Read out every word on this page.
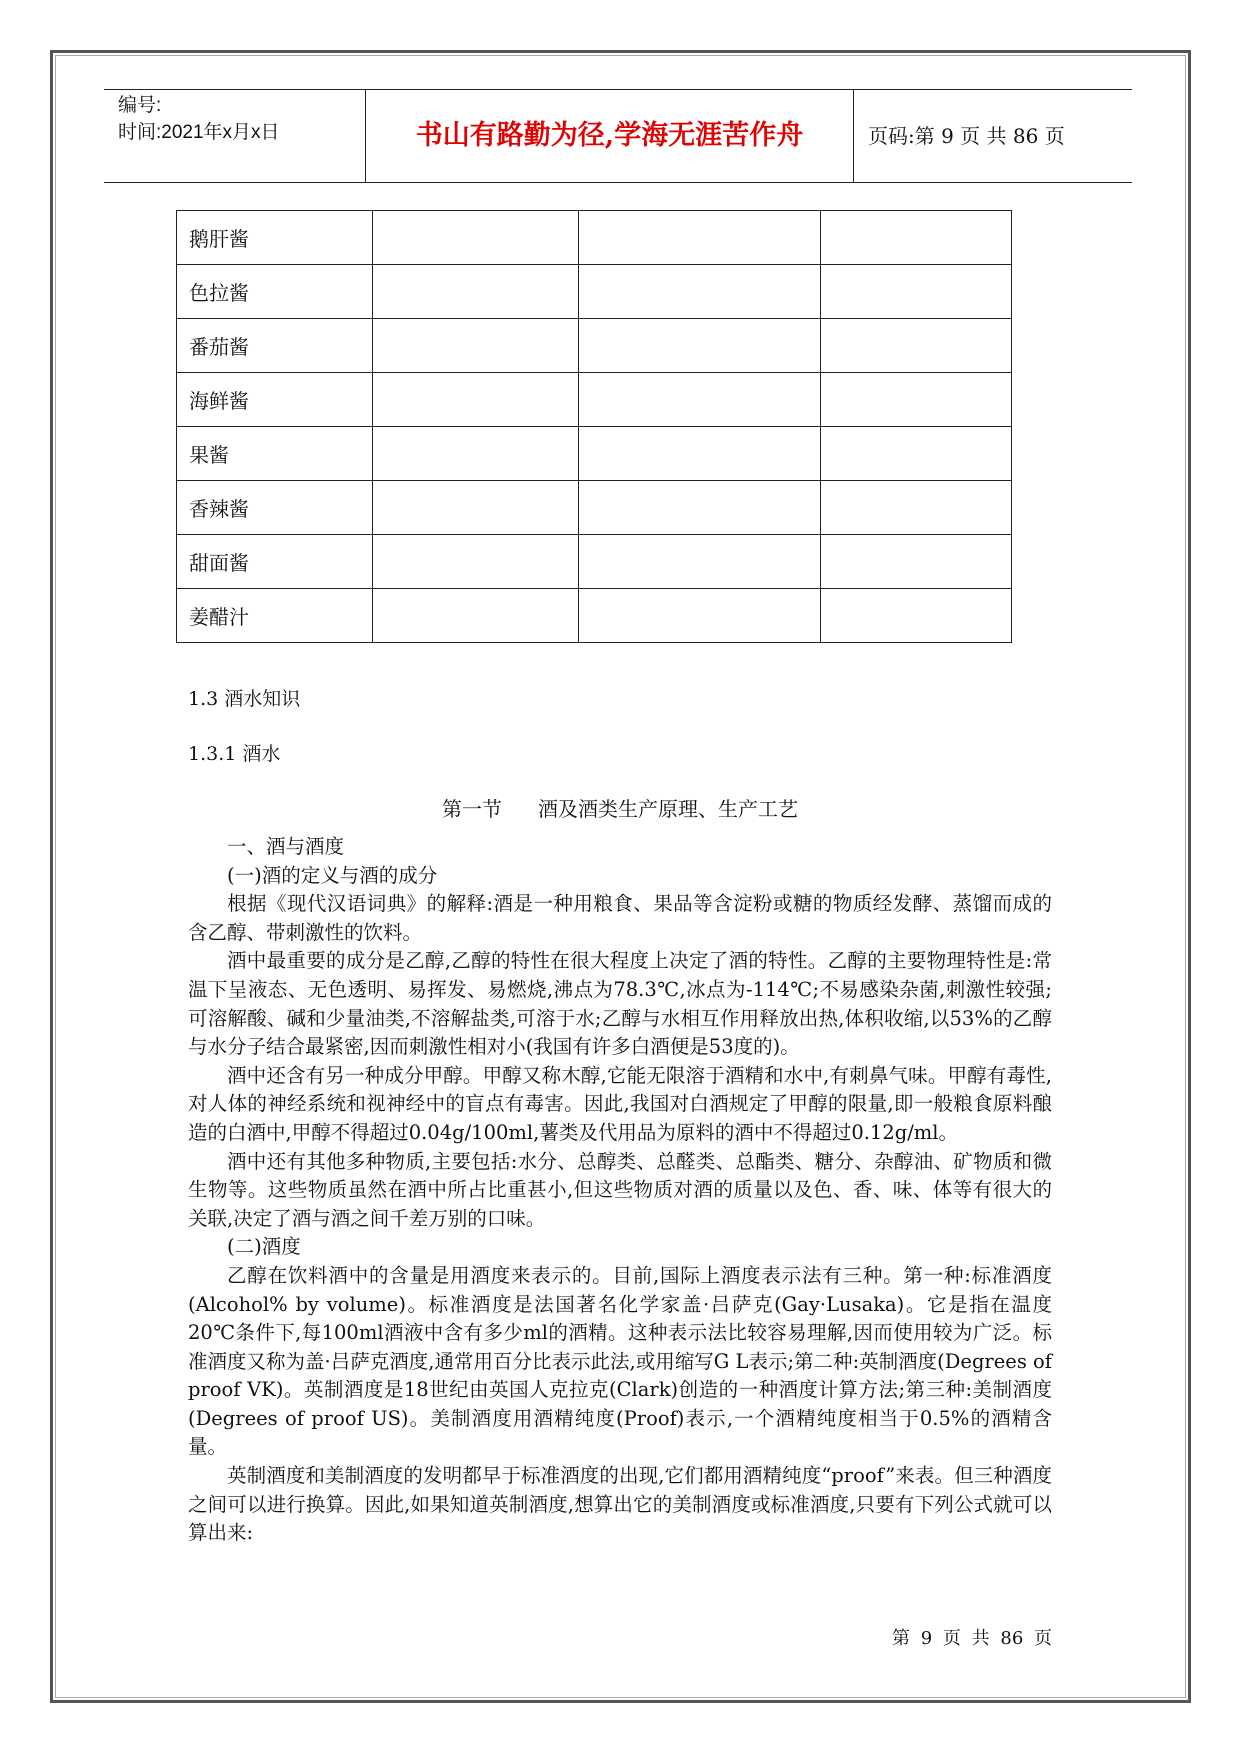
编号:
时间:2021年x月x日	书山有路勤为径,学海无涯苦作舟	页码:第 9 页 共 86 页
鹅肝酱			
色拉酱			
番茄酱			
海鲜酱			
果酱			
香辣酱			
甜面酱			
姜醋汁			
1.3 酒水知识
1.3.1 酒水
第一节 酒及酒类生产原理、生产工艺

一、酒与酒度

(一)酒的定义与酒的成分

根据《现代汉语词典》的解释:酒是一种用粮食、果品等含淀粉或糖的物质经发酵、蒸馏而成的含乙醇、带刺激性的饮料。

酒中最重要的成分是乙醇,乙醇的特性在很大程度上决定了酒的特性。乙醇的主要物理特性是:常温下呈液态、无色透明、易挥发、易燃烧,沸点为78.3℃,冰点为-114℃;不易感染杂菌,刺激性较强;可溶解酸、碱和少量油类,不溶解盐类,可溶于水;乙醇与水相互作用释放出热,体积收缩,以53%的乙醇与水分子结合最紧密,因而刺激性相对小(我国有许多白酒便是53度的)。

酒中还含有另一种成分甲醇。甲醇又称木醇,它能无限溶于酒精和水中,有刺鼻气味。甲醇有毒性,对人体的神经系统和视神经中的盲点有毒害。因此,我国对白酒规定了甲醇的限量,即一般粮食原料酿造的白酒中,甲醇不得超过0.04g/100ml,薯类及代用品为原料的酒中不得超过0.12g/ml。

酒中还有其他多种物质,主要包括:水分、总醇类、总醛类、总酯类、糖分、杂醇油、矿物质和微生物等。这些物质虽然在酒中所占比重甚小,但这些物质对酒的质量以及色、香、味、体等有很大的关联,决定了酒与酒之间千差万别的口味。

(二)酒度

乙醇在饮料酒中的含量是用酒度来表示的。目前,国际上酒度表示法有三种。第一种:标准酒度(Alcohol% by volume)。标准酒度是法国著名化学家盖·吕萨克(Gay·Lusaka)。它是指在温度20℃条件下,每100ml酒液中含有多少ml的酒精。这种表示法比较容易理解,因而使用较为广泛。标准酒度又称为盖·吕萨克酒度,通常用百分比表示此法,或用缩写G L表示;第二种:英制酒度(Degrees of proof VK)。英制酒度是18世纪由英国人克拉克(Clark)创造的一种酒度计算方法;第三种:美制酒度(Degrees of proof US)。美制酒度用酒精纯度(Proof)表示,一个酒精纯度相当于0.5%的酒精含量。

英制酒度和美制酒度的发明都早于标准酒度的出现,它们都用酒精纯度“proof”来表。但三种酒度之间可以进行换算。因此,如果知道英制酒度,想算出它的美制酒度或标准酒度,只要有下列公式就可以算出来:

第 9 页 共 86 页
